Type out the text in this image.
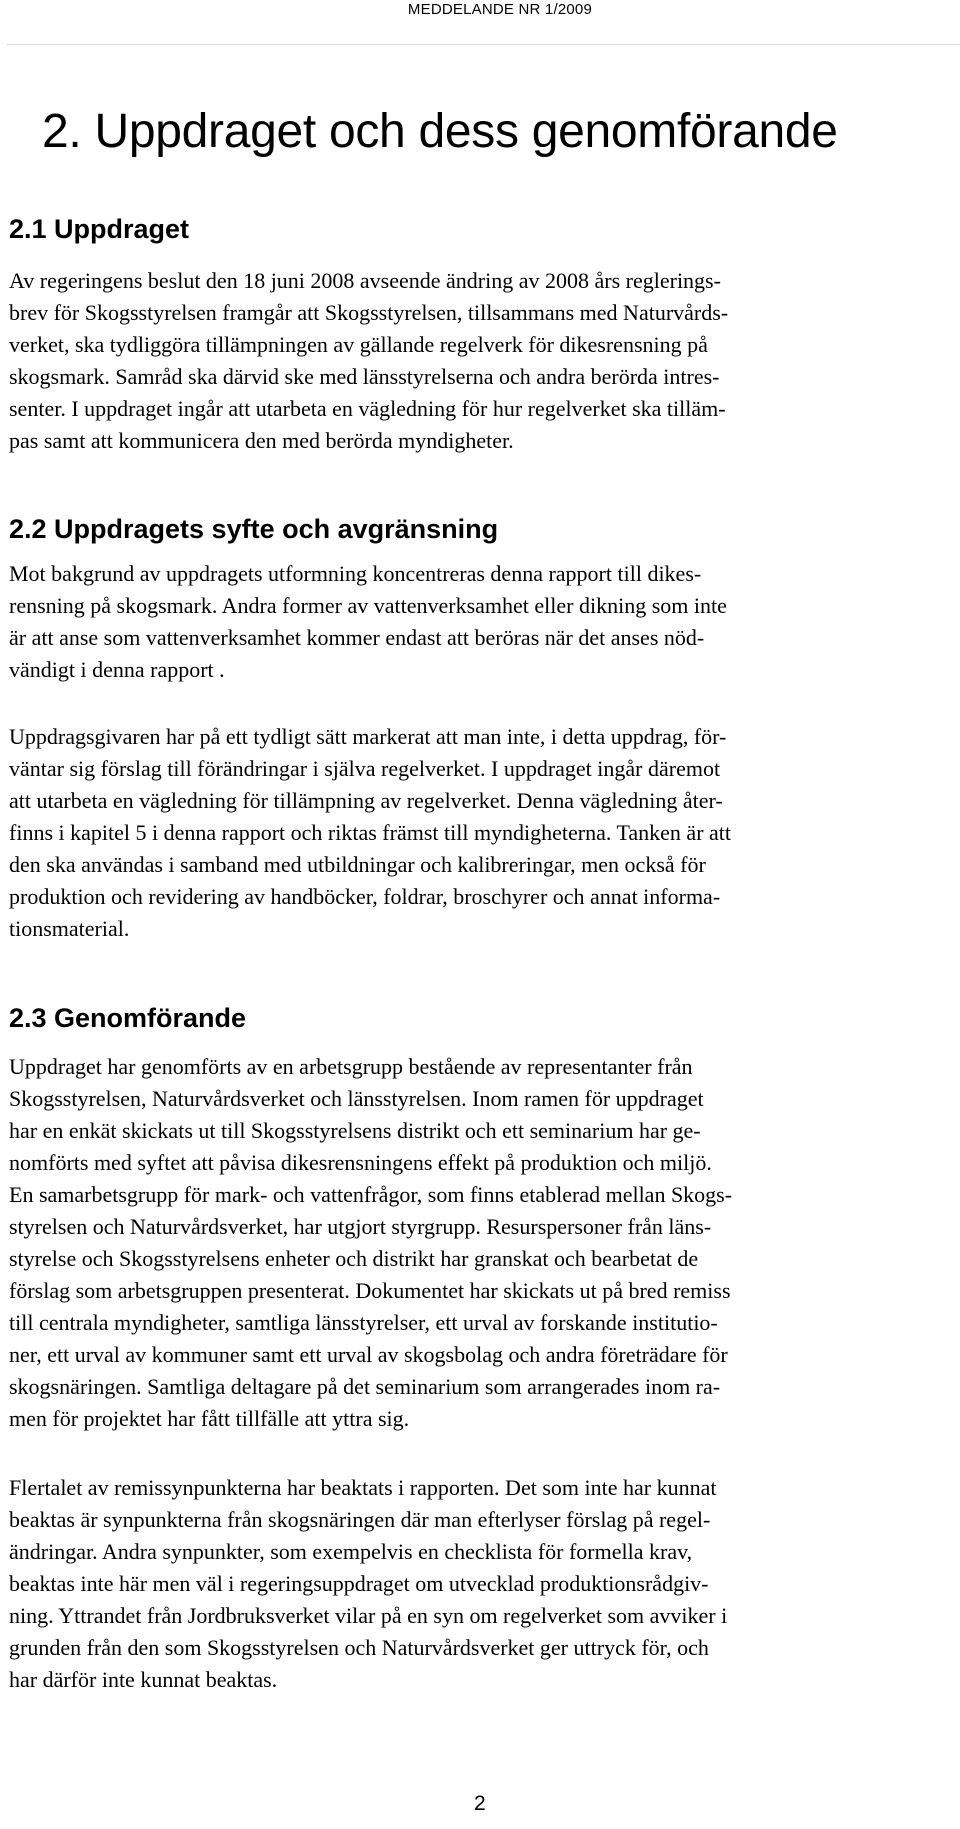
MEDDELANDE NR 1/2009
2. Uppdraget och dess genomförande
2.1 Uppdraget
Av regeringens beslut den 18 juni 2008 avseende ändring av 2008 års reglerings-
brev för Skogsstyrelsen framgår att Skogsstyrelsen, tillsammans med Naturvårds-
verket, ska tydliggöra tillämpningen av gällande regelverk för dikesrensning på
skogsmark. Samråd ska därvid ske med länsstyrelserna och andra berörda intres-
senter. I uppdraget ingår att utarbeta en vägledning för hur regelverket ska tilläm-
pas samt att kommunicera den med berörda myndigheter.
2.2 Uppdragets syfte och avgränsning
Mot bakgrund av uppdragets utformning koncentreras denna rapport till dikes-
rensning på skogsmark. Andra former av vattenverksamhet eller dikning som inte
är att anse som vattenverksamhet kommer endast att beröras när det anses nöd-
vändigt i denna rapport .
Uppdragsgivaren har på ett tydligt sätt markerat att man inte, i detta uppdrag, för-
väntar sig förslag till förändringar i själva regelverket. I uppdraget ingår däremot
att utarbeta en vägledning för tillämpning av regelverket. Denna vägledning åter-
finns i kapitel 5 i denna rapport och riktas främst till myndigheterna. Tanken är att
den ska användas i samband med utbildningar och kalibreringar, men också för
produktion och revidering av handböcker, foldrar, broschyrer och annat informa-
tionsmaterial.
2.3 Genomförande
Uppdraget har genomförts av en arbetsgrupp bestående av representanter från
Skogsstyrelsen, Naturvårdsverket och länsstyrelsen. Inom ramen för uppdraget
har en enkät skickats ut till Skogsstyrelsens distrikt och ett seminarium har ge-
nomförts med syftet att påvisa dikesrensningens effekt på produktion och miljö.
En samarbetsgrupp för mark- och vattenfrågor, som finns etablerad mellan Skogs-
styrelsen och Naturvårdsverket, har utgjort styrgrupp. Resurspersoner från läns-
styrelse och Skogsstyrelsens enheter och distrikt har granskat och bearbetat de
förslag som arbetsgruppen presenterat. Dokumentet har skickats ut på bred remiss
till centrala myndigheter, samtliga länsstyrelser, ett urval av forskande institutio-
ner, ett urval av kommuner samt ett urval av skogsbolag och andra företrädare för
skogsnäringen. Samtliga deltagare på det seminarium som arrangerades inom ra-
men för projektet har fått tillfälle att yttra sig.
Flertalet av remissynpunkterna har beaktats i rapporten. Det som inte har kunnat
beaktas är synpunkterna från skogsnäringen där man efterlyser förslag på regel-
ändringar. Andra synpunkter, som exempelvis en checklista för formella krav,
beaktas inte här men väl i regeringsuppdraget om utvecklad produktionsrådgiv-
ning. Yttrandet från Jordbruksverket vilar på en syn om regelverket som avviker i
grunden från den som Skogsstyrelsen och Naturvårdsverket ger uttryck för, och
har därför inte kunnat beaktas.
2
